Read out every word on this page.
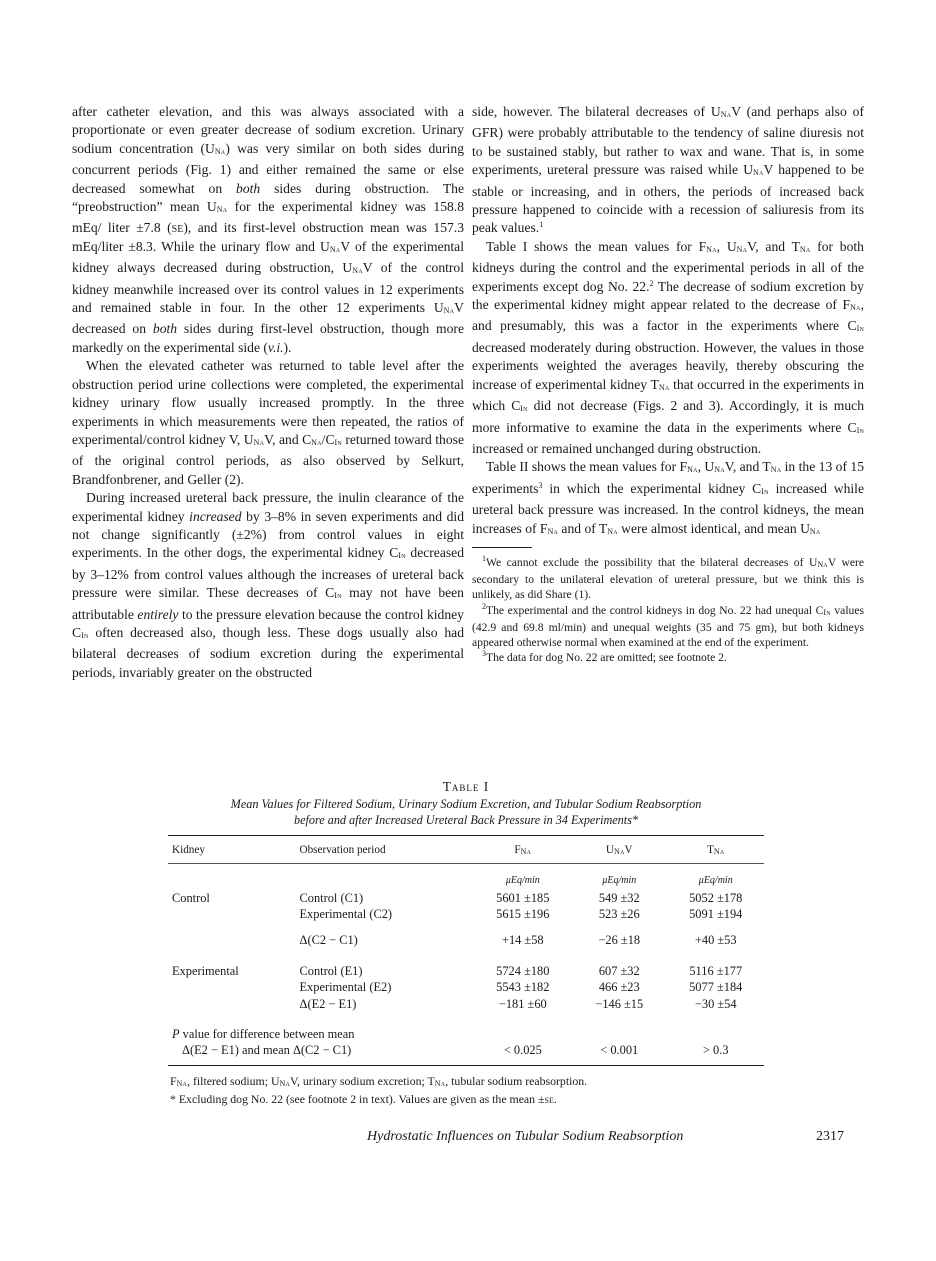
after catheter elevation, and this was always associated with a proportionate or even greater decrease of sodium excretion. Urinary sodium concentration $(U_{Na})$ was very similar on both sides during concurrent periods (Fig. 1) and either remained the same or else decreased somewhat on both sides during obstruction. The “preobstruction” mean $U_{Na}$ for the experimental kidney was 158.8 mEq/ liter ±7.8 (se), and its first-level obstruction mean was 157.3 mEq/liter ±8.3. While the urinary flow and $U_{Na}V$ of the experimental kidney always decreased during obstruction, $U_{Na}V$ of the control kidney meanwhile increased over its control values in 12 experiments and remained stable in four. In the other 12 experiments $U_{Na}V$ decreased on both sides during first-level obstruction, though more markedly on the experimental side (v.i.).

When the elevated catheter was returned to table level after the obstruction period urine collections were completed, the experimental kidney urinary flow usually increased promptly. In the three experiments in which measurements were then repeated, the ratios of experimental/control kidney V, $U_{Na}V$, and $C_{Na}/C_{In}$ returned toward those of the original control periods, as also observed by Selkurt, Brandfonbrener, and Geller (2).

During increased ureteral back pressure, the inulin clearance of the experimental kidney increased by 3–8% in seven experiments and did not change significantly (±2%) from control values in eight experiments. In the other dogs, the experimental kidney $C_{In}$ decreased by 3–12% from control values although the increases of ureteral back pressure were similar. These decreases of $C_{In}$ may not have been attributable entirely to the pressure elevation because the control kidney $C_{In}$ often decreased also, though less. These dogs usually also had bilateral decreases of sodium excretion during the experimental periods, invariably greater on the obstructed

side, however. The bilateral decreases of $U_{Na}V$ (and perhaps also of GFR) were probably attributable to the tendency of saline diuresis not to be sustained stably, but rather to wax and wane. That is, in some experiments, ureteral pressure was raised while $U_{Na}V$ happened to be stable or increasing, and in others, the periods of increased back pressure happened to coincide with a recession of saliuresis from its peak values.$^1$

Table I shows the mean values for $F_{Na}$, $U_{Na}V$, and $T_{Na}$ for both kidneys during the control and the experimental periods in all of the experiments except dog No. 22.$^2$ The decrease of sodium excretion by the experimental kidney might appear related to the decrease of $F_{Na}$, and presumably, this was a factor in the experiments where $C_{In}$ decreased moderately during obstruction. However, the values in those experiments weighted the averages heavily, thereby obscuring the increase of experimental kidney $T_{Na}$ that occurred in the experiments in which $C_{In}$ did not decrease (Figs. 2 and 3). Accordingly, it is much more informative to examine the data in the experiments where $C_{In}$ increased or remained unchanged during obstruction.

Table II shows the mean values for $F_{Na}$, $U_{Na}V$, and $T_{Na}$ in the 13 of 15 experiments$^3$ in which the experimental kidney $C_{In}$ increased while ureteral back pressure was increased. In the control kidneys, the mean increases of $F_{Na}$ and of $T_{Na}$ were almost identical, and mean $U_{Na}$

$^1$We cannot exclude the possibility that the bilateral decreases of $U_{Na}V$ were secondary to the unilateral elevation of ureteral pressure, but we think this is unlikely, as did Share (1).

$^2$The experimental and the control kidneys in dog No. 22 had unequal $C_{In}$ values (42.9 and 69.8 ml/min) and unequal weights (35 and 75 gm), but both kidneys appeared otherwise normal when examined at the end of the experiment.

$^3$The data for dog No. 22 are omitted; see footnote 2.

Table I
Mean Values for Filtered Sodium, Urinary Sodium Excretion, and Tubular Sodium Reabsorption
before and after Increased Ureteral Back Pressure in 34 Experiments*
Kidney	Observation period	$F_{Na}$	$U_{Na}V$	$T_{Na}$

		μEq/min	μEq/min	μEq/min
Control	Control (C1)	5601 ±185	549 ±32	5052 ±178
	Experimental (C2)	5615 ±196	523 ±26	5091 ±194

	Δ(C2 − C1)	+14 ±58	−26 ±18	+40 ±53

Experimental	Control (E1)	5724 ±180	607 ±32	5116 ±177
	Experimental (E2)	5543 ±182	466 ±23	5077 ±184
	Δ(E2 − E1)	−181 ±60	−146 ±15	−30 ±54

P value for difference between mean				
Δ(E2 − E1) and mean Δ(C2 − C1)		< 0.025	< 0.001	> 0.3

$F_{Na}$, filtered sodium; $U_{Na}V$, urinary sodium excretion; $T_{Na}$, tubular sodium reabsorption.

* Excluding dog No. 22 (see footnote 2 in text). Values are given as the mean ±se.

Hydrostatic Influences on Tubular Sodium Reabsorption	2317
